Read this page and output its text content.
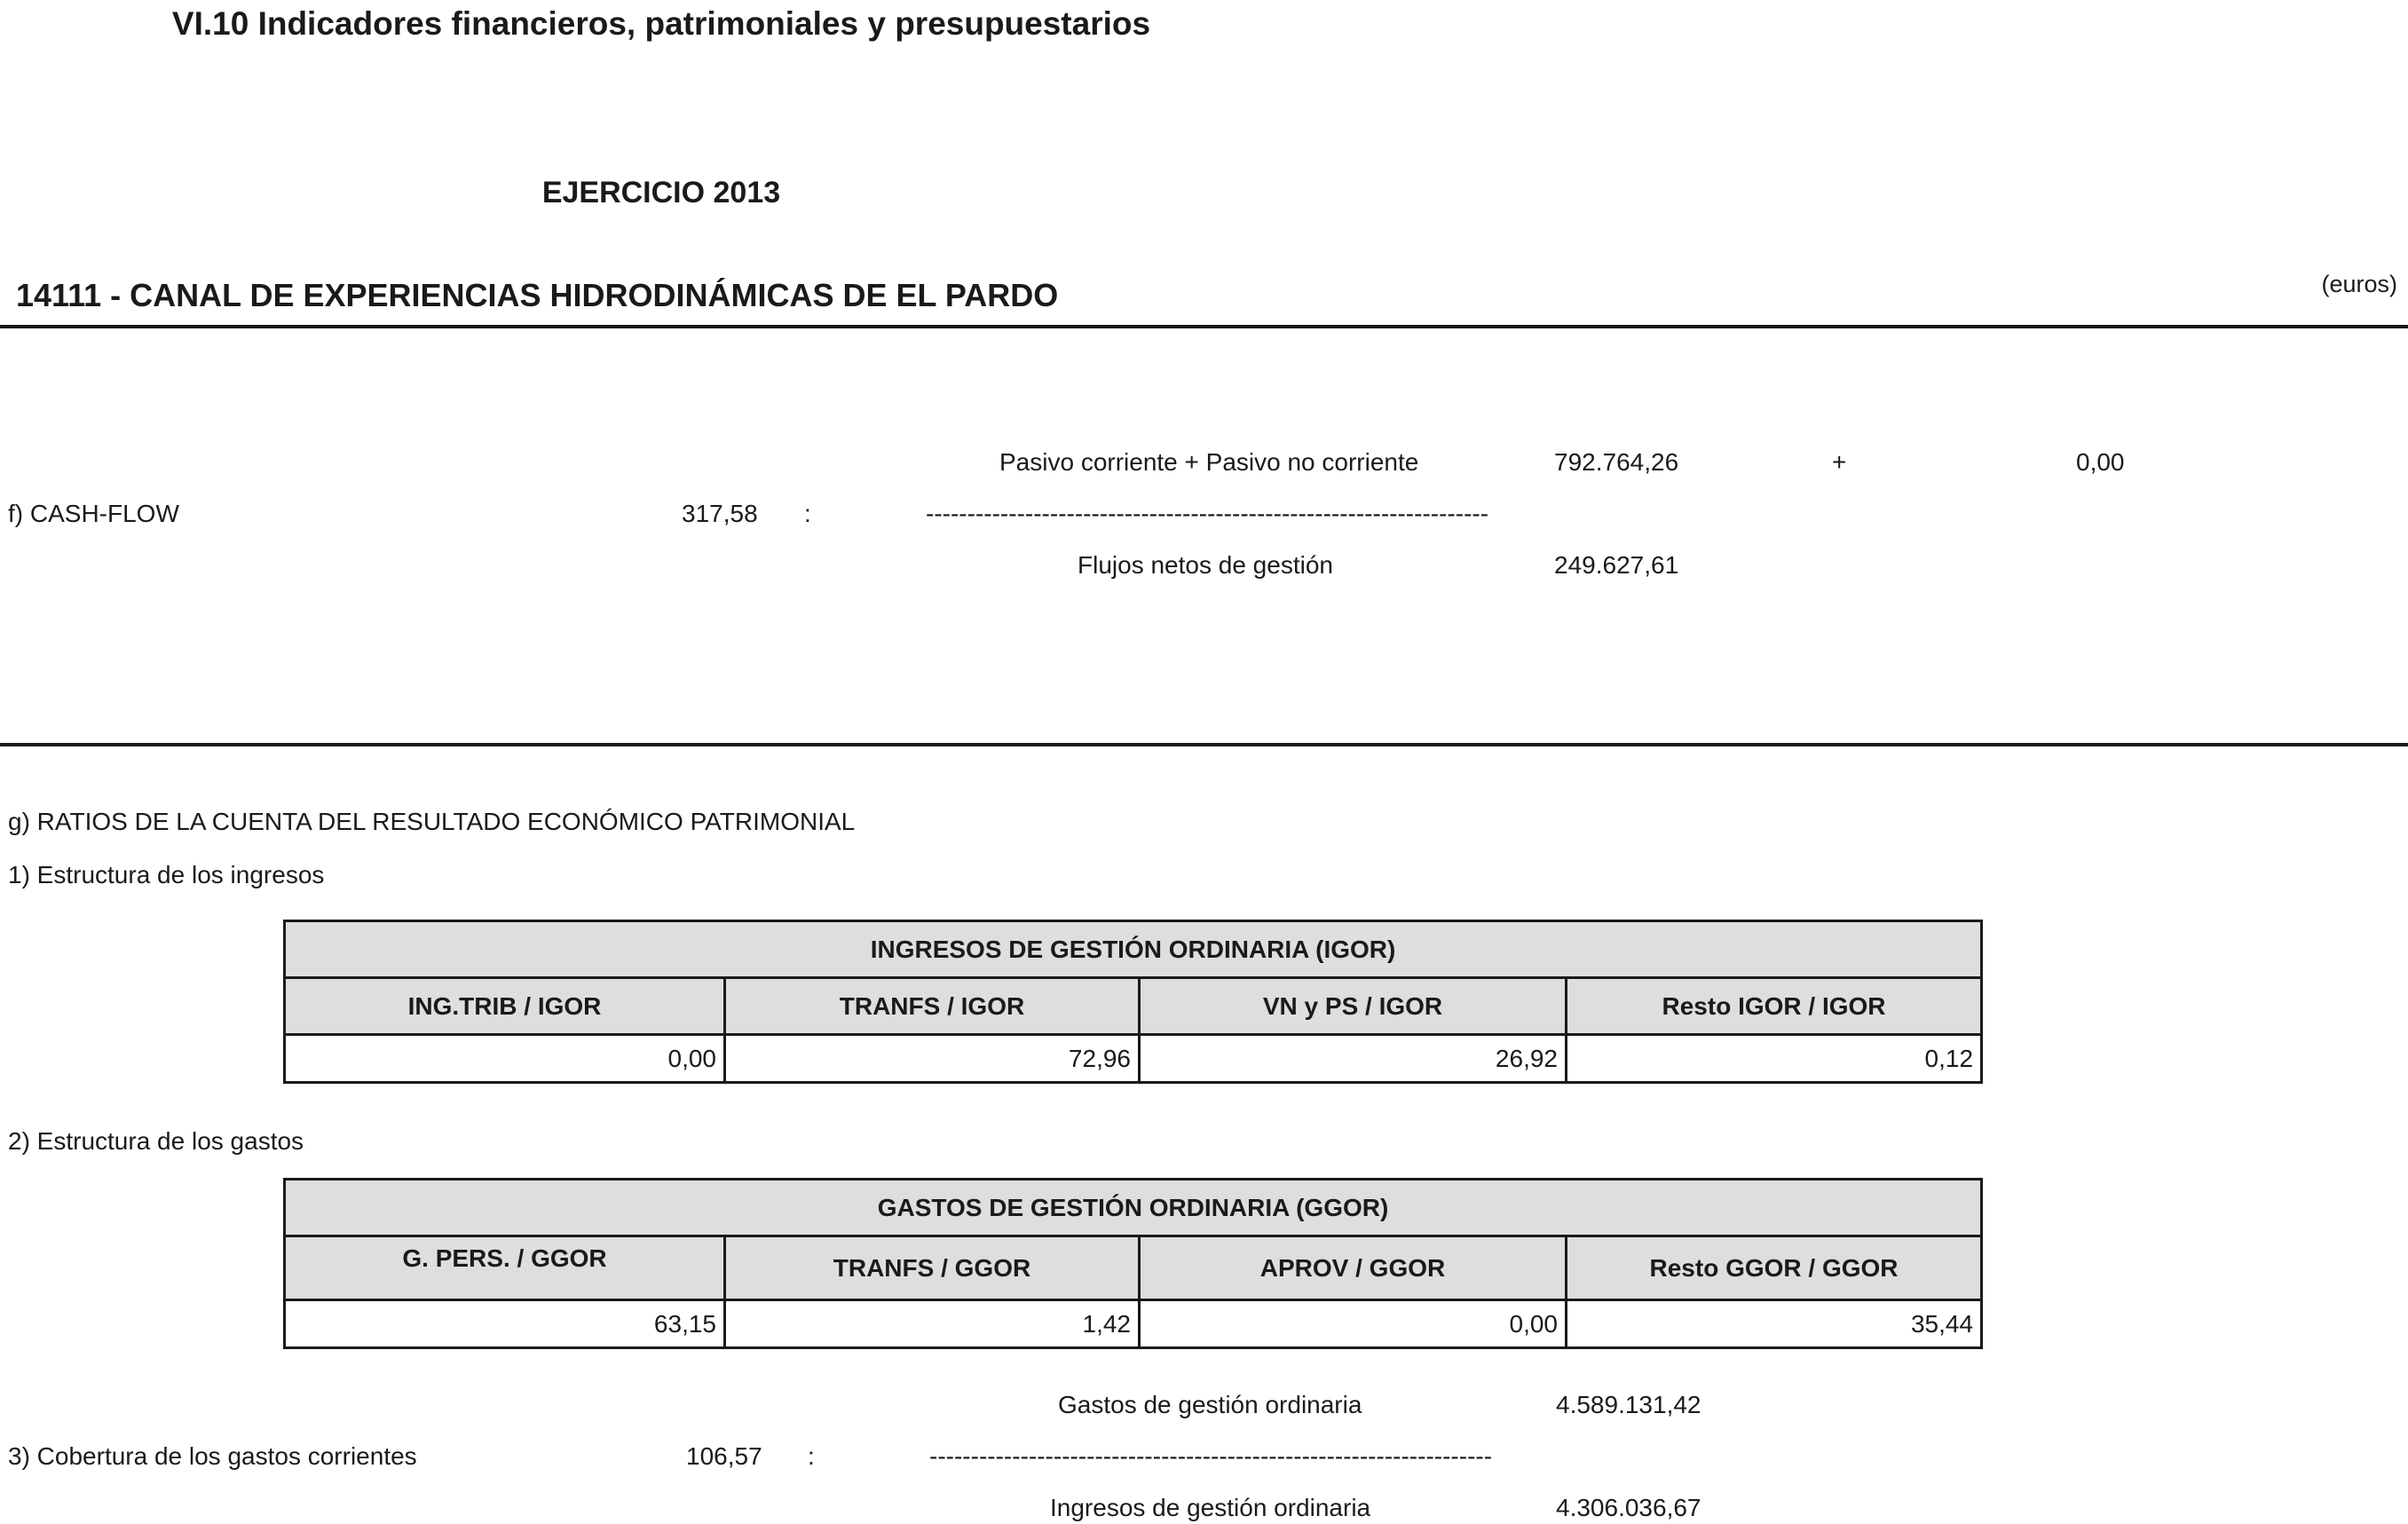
VI.10 Indicadores financieros, patrimoniales y presupuestarios
EJERCICIO 2013
14111 - CANAL DE EXPERIENCIAS HIDRODINÁMICAS DE EL PARDO	(euros)
Pasivo corriente + Pasivo no corriente	792.764,26	+	0,00
f) CASH-FLOW	317,58 :	--------------------------------------------------------------------
Flujos netos de gestión	249.627,61
g) RATIOS DE LA CUENTA DEL RESULTADO ECONÓMICO PATRIMONIAL
1) Estructura de los ingresos
INGRESOS DE GESTIÓN ORDINARIA (IGOR)			
ING.TRIB / IGOR	TRANFS / IGOR	VN y PS / IGOR	Resto IGOR / IGOR
0,00	72,96	26,92	0,12
2) Estructura de los gastos
GASTOS DE GESTIÓN ORDINARIA (GGOR)			
G. PERS. / GGOR	TRANFS / GGOR	APROV / GGOR	Resto GGOR / GGOR
63,15	1,42	0,00	35,44
Gastos de gestión ordinaria	4.589.131,42
3) Cobertura de los gastos corrientes	106,57 :	--------------------------------------------------------------------
Ingresos de gestión ordinaria	4.306.036,67
